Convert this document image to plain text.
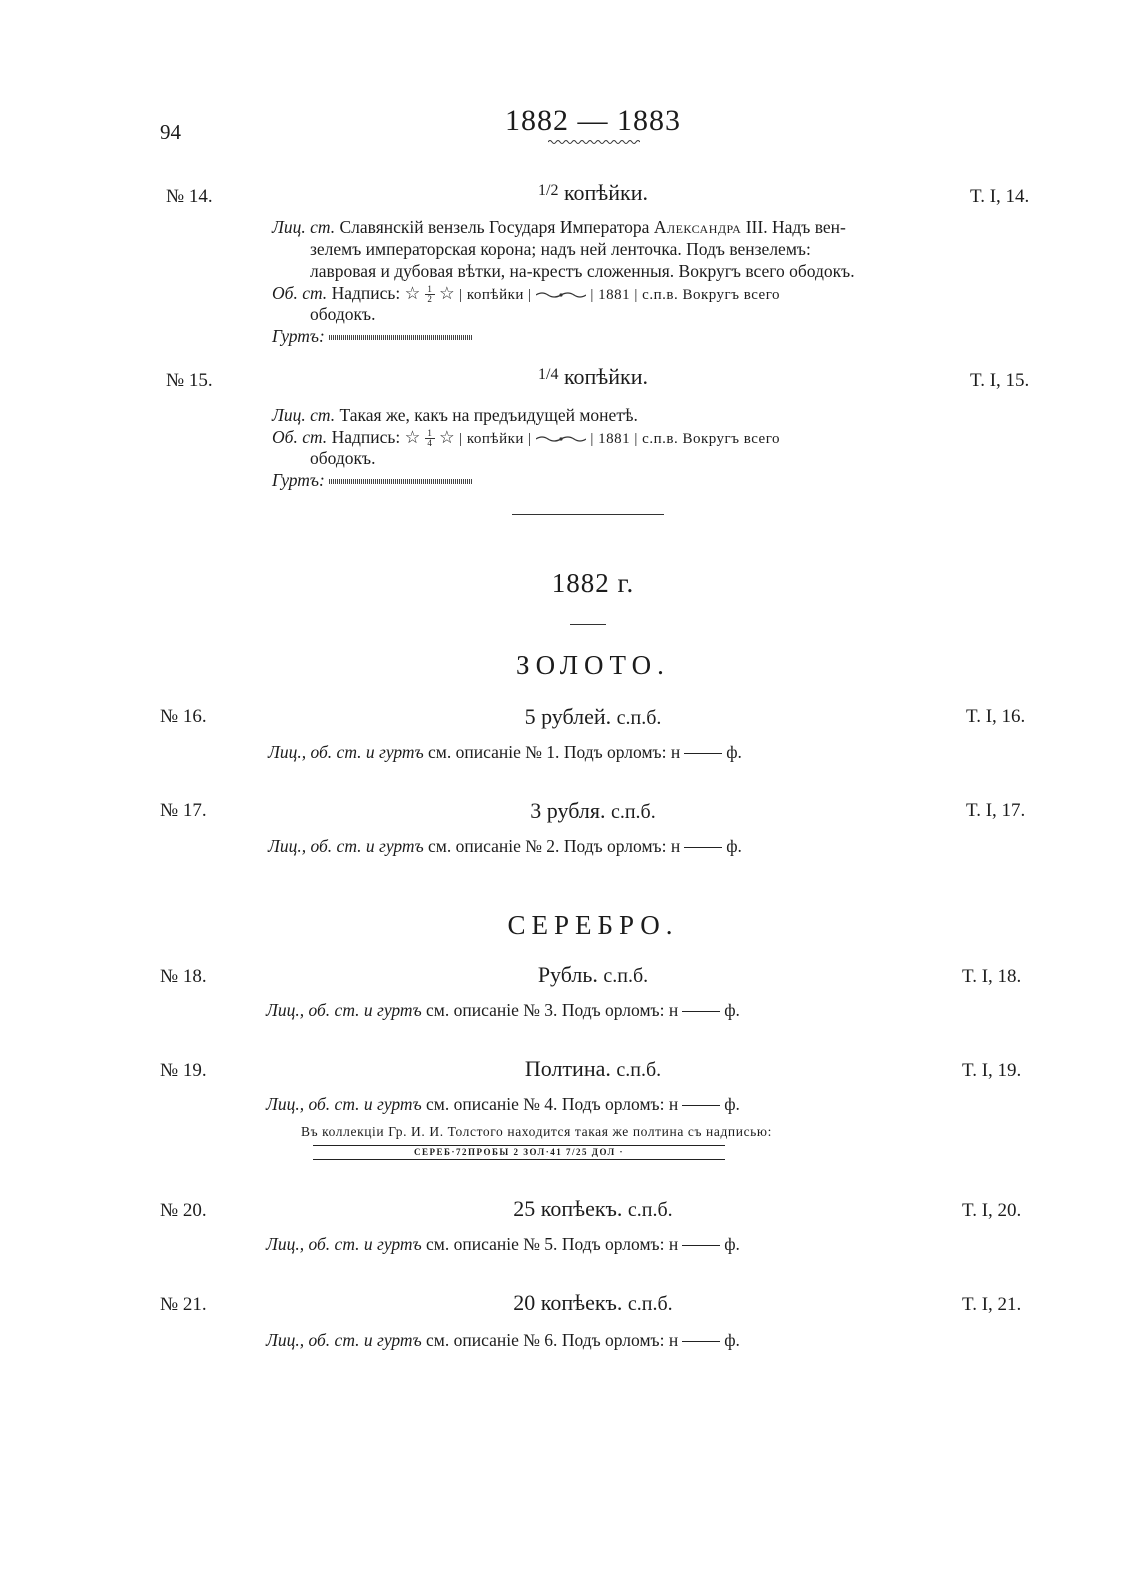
94	1882 — 1883
№ 14.	$^{1/2}$ копѣйки.	T. I, 14.
Лиц. ст. Славянскій вензель Государя Императора Александра III. Надъ вен-
зелемъ императорская корона; надъ ней ленточка. Подъ вензелемъ:
лавровая и дубовая вѣтки, на-крестъ сложенныя. Вокругъ всего ободокъ.
Об. ст. Надпись: ☆ $\frac{1}{2}$ ☆ | копѣйки |	| 1881 | с.п.в. Вокругъ всего
ободокъ.
Гуртъ:
№ 15.	$^{1/4}$ копѣйки.	T. I, 15.
Лиц. ст. Такая же, какъ на предъидущей монетѣ.
Об. ст. Надпись: ☆ $\frac{1}{4}$ ☆ | копѣйки |	| 1881 | с.п.в. Вокругъ всего
ободокъ.
Гуртъ:
1882 г.
ЗОЛОТО.
№ 16.	5 рублей. с.п.б.	T. I, 16.
Лиц., об. ст. и гуртъ см. описаніе № 1. Подъ орломъ: н	ф.
№ 17.	3 рубля. с.п.б.	T. I, 17.
Лиц., об. ст. и гуртъ см. описаніе № 2. Подъ орломъ: н	ф.
СЕРЕБРО.
№ 18.	Рубль. с.п.б.	T. I, 18.
Лиц., об. ст. и гуртъ см. описаніе № 3. Подъ орломъ: н	ф.
№ 19.	Полтина. с.п.б.	T. I, 19.
Лиц., об. ст. и гуртъ см. описаніе № 4. Подъ орломъ: н	ф.
Въ коллекціи Гр. И. И. Толстого находится такая же полтина съ надписью:
СЕРЕБ·72ПРОБЫ 2 ЗОЛ·41 7/25 ДОЛ ·
№ 20.	25 копѣекъ. с.п.б.	T. I, 20.
Лиц., об. ст. и гуртъ см. описаніе № 5. Подъ орломъ: н	ф.
№ 21.	20 копѣекъ. с.п.б.	T. I, 21.
Лиц., об. ст. и гуртъ см. описаніе № 6. Подъ орломъ: н	ф.
